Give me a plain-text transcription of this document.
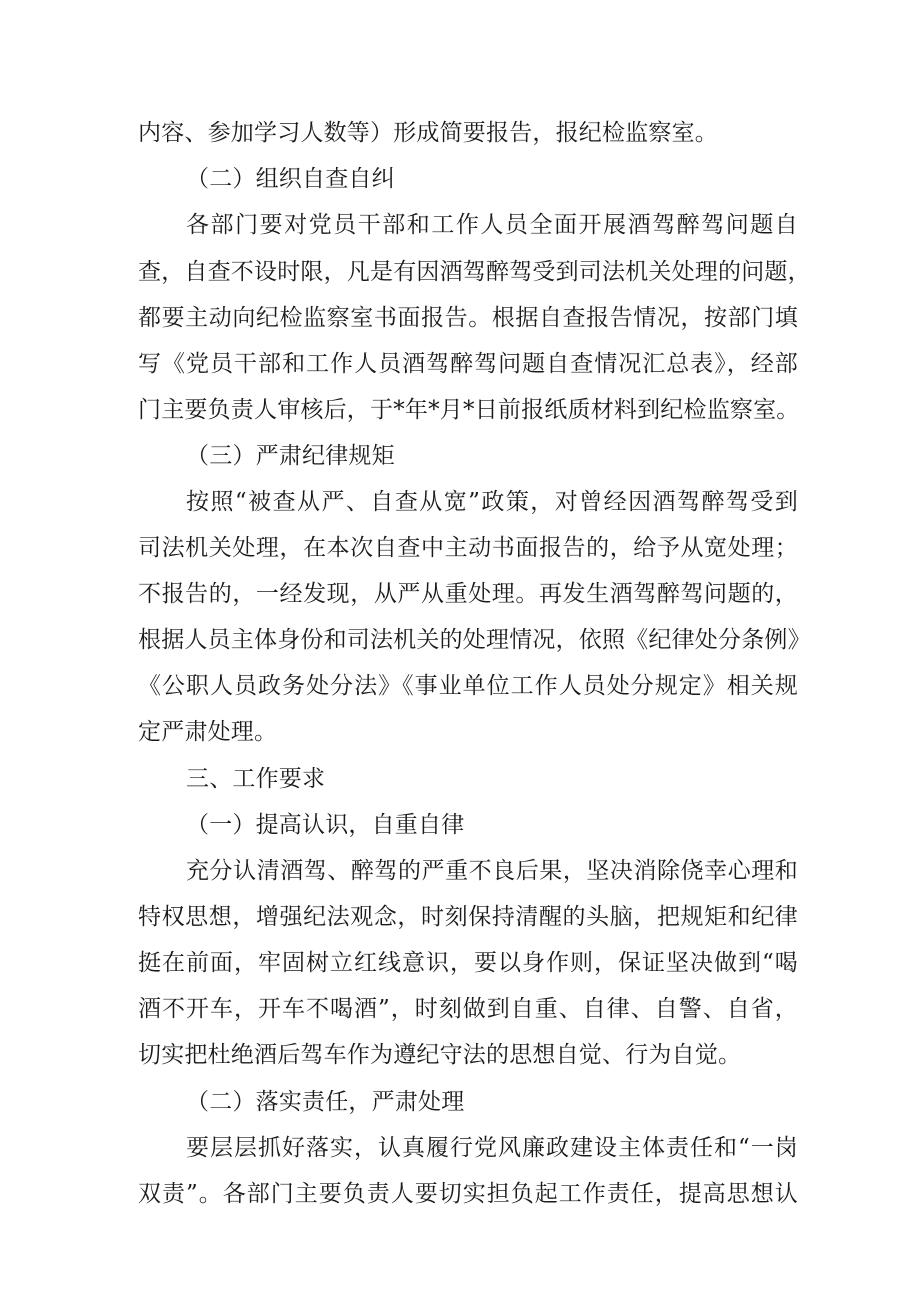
内容、参加学习人数等）形成简要报告，报纪检监察室。
（二）组织自查自纠
各部门要对党员干部和工作人员全面开展酒驾醉驾问题自
查，自查不设时限，凡是有因酒驾醉驾受到司法机关处理的问题，
都要主动向纪检监察室书面报告。根据自查报告情况，按部门填
写《党员干部和工作人员酒驾醉驾问题自查情况汇总表》，经部
门主要负责人审核后，于*年*月*日前报纸质材料到纪检监察室。
（三）严肃纪律规矩
按照“被查从严、自查从宽”政策，对曾经因酒驾醉驾受到
司法机关处理，在本次自查中主动书面报告的，给予从宽处理；
不报告的，一经发现，从严从重处理。再发生酒驾醉驾问题的，
根据人员主体身份和司法机关的处理情况，依照《纪律处分条例》
《公职人员政务处分法》《事业单位工作人员处分规定》相关规
定严肃处理。
三、工作要求
（一）提高认识，自重自律
充分认清酒驾、醉驾的严重不良后果，坚决消除侥幸心理和
特权思想，增强纪法观念，时刻保持清醒的头脑，把规矩和纪律
挺在前面，牢固树立红线意识，要以身作则，保证坚决做到“喝
酒不开车，开车不喝酒”，时刻做到自重、自律、自警、自省，
切实把杜绝酒后驾车作为遵纪守法的思想自觉、行为自觉。
（二）落实责任，严肃处理
要层层抓好落实，认真履行党风廉政建设主体责任和“一岗
双责”。各部门主要负责人要切实担负起工作责任，提高思想认
